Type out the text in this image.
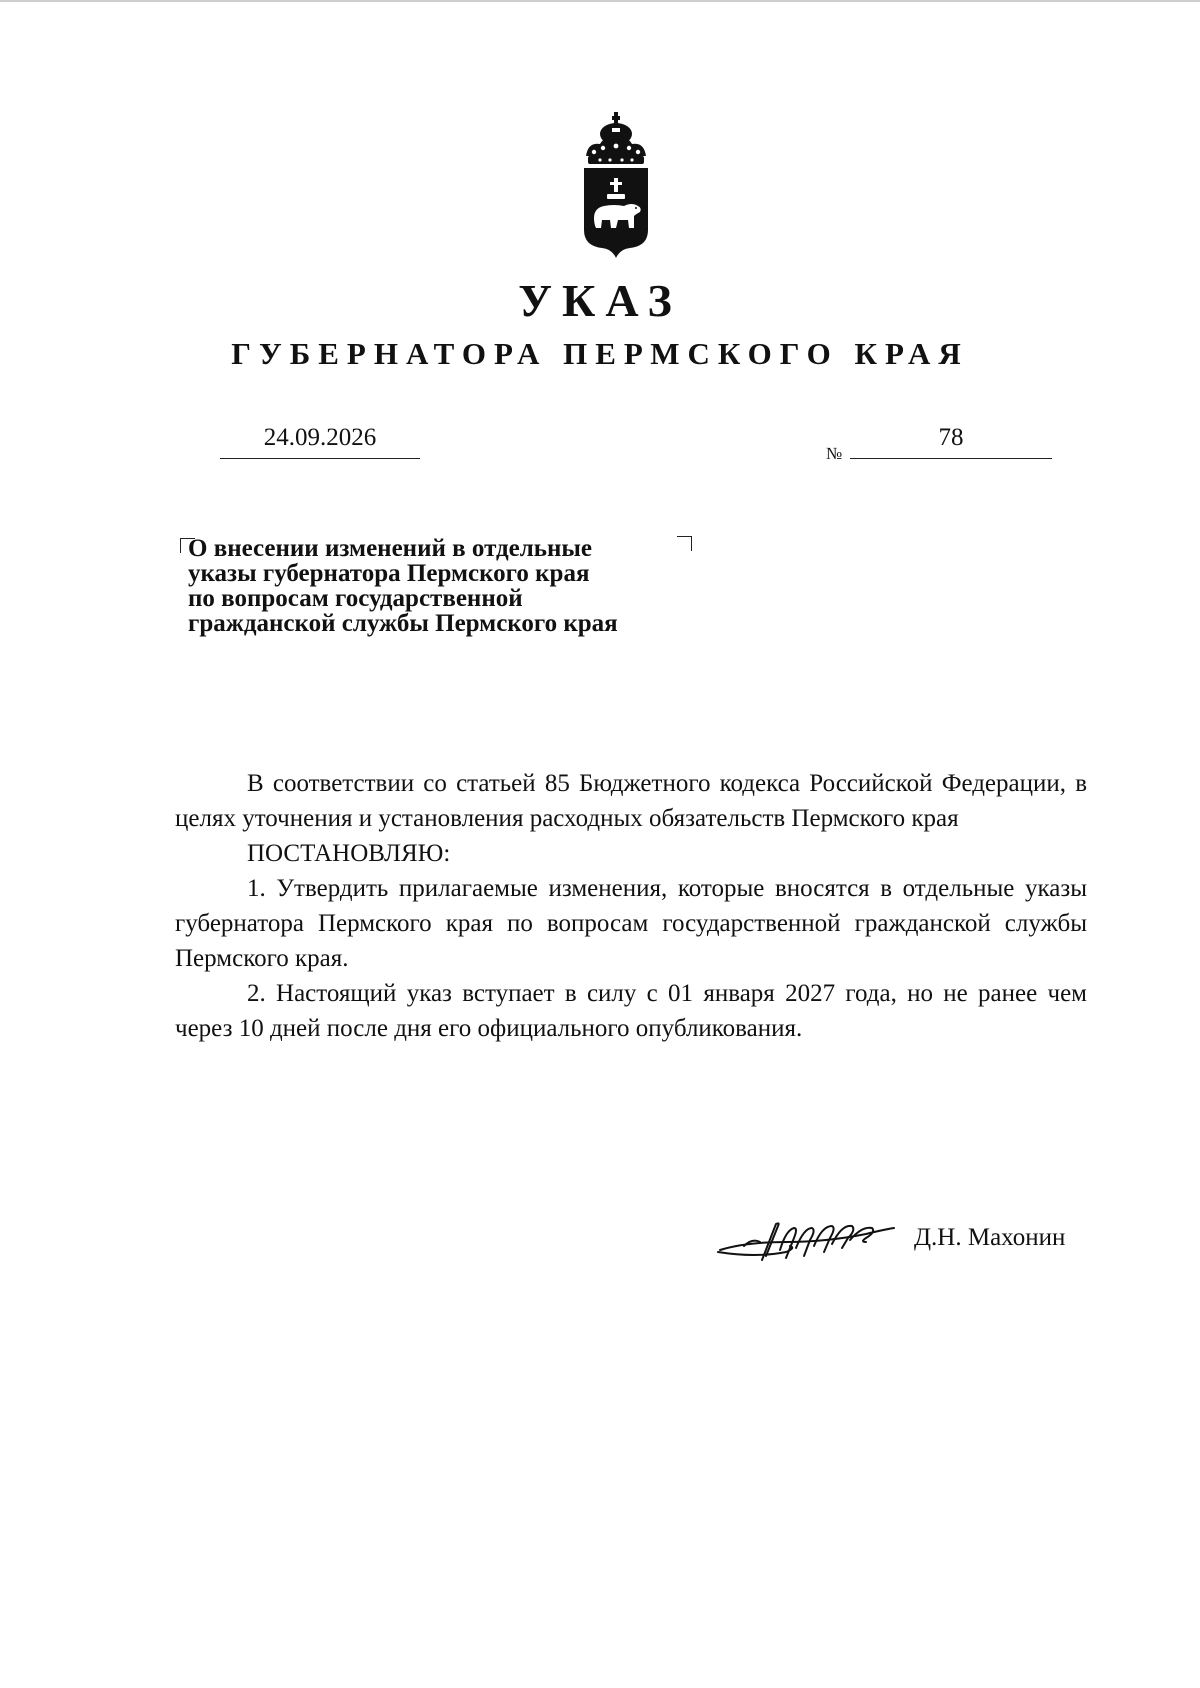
УКАЗ
ГУБЕРНАТОРА ПЕРМСКОГО КРАЯ
24.09.2026
№
78
О внесении изменений в отдельные
указы губернатора Пермского края
по вопросам государственной
гражданской службы Пермского края

В соответствии со статьей 85 Бюджетного кодекса Российской Федерации, в целях уточнения и установления расходных обязательств Пермского края

ПОСТАНОВЛЯЮ:

1. Утвердить прилагаемые изменения, которые вносятся в отдельные указы губернатора Пермского края по вопросам государственной гражданской службы Пермского края.

2. Настоящий указ вступает в силу с 01 января 2027 года, но не ранее чем через 10 дней после дня его официального опубликования.

Д.Н. Махонин
